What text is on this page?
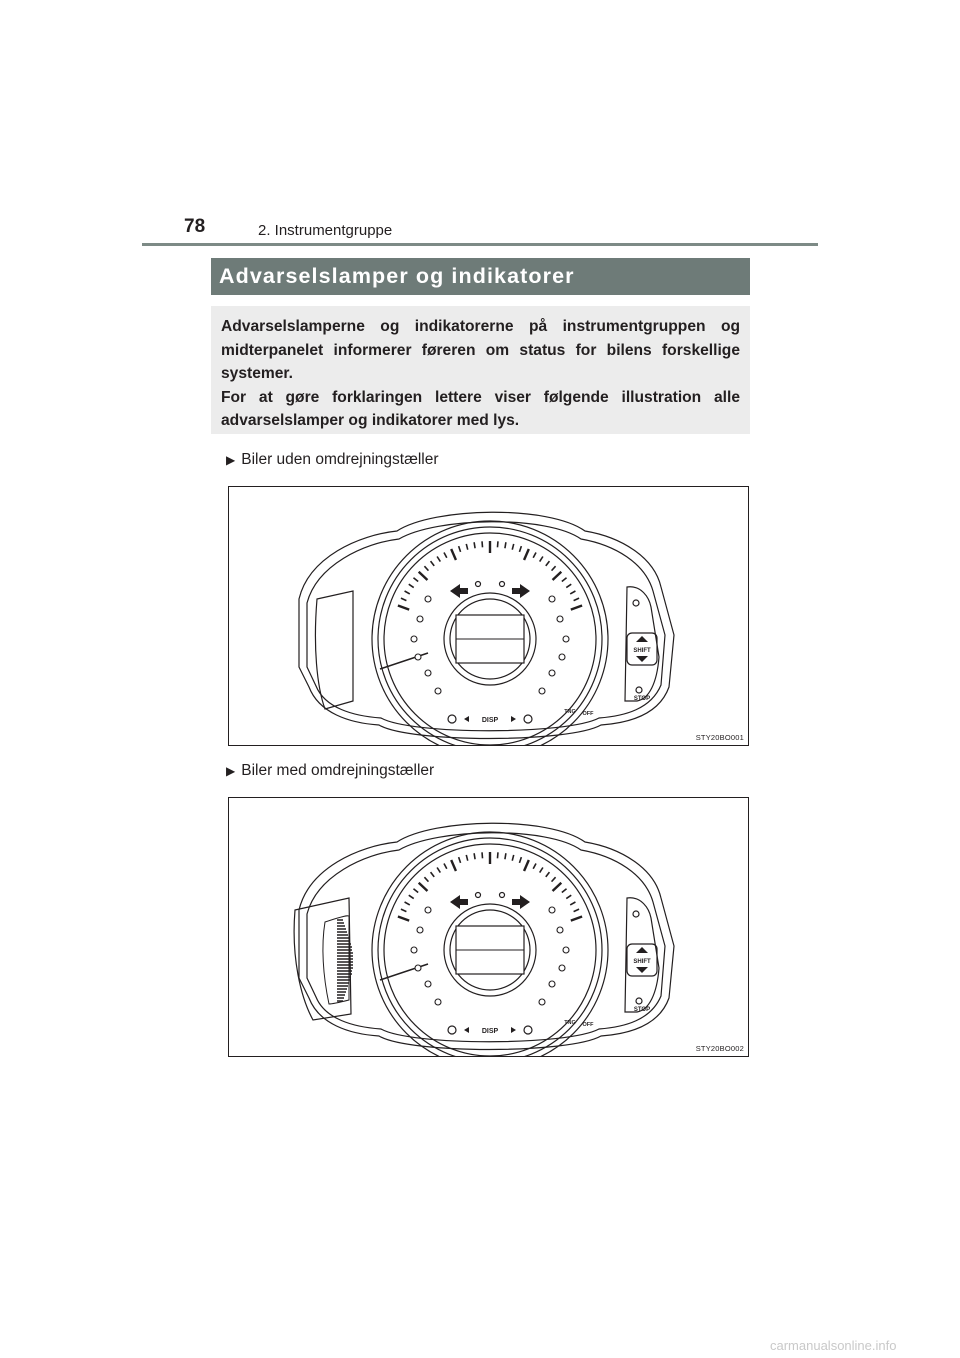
78	2. Instrumentgruppe
Advarselslamper og indikatorer

Advarselslamperne og indikatorerne på instrumentgruppen og midterpanelet informerer føreren om status for bilens forskellige systemer.

For at gøre forklaringen lettere viser følgende illustration alle advarselslamper og indikatorer med lys.

▶ Biler uden omdrejningstæller
DISP
TNG OFF
SHIFT
STOP
STY20BO001
▶ Biler med omdrejningstæller
DISP
TNG OFF
SHIFT
STOP
STY20BO002
carmanualsonline.info
